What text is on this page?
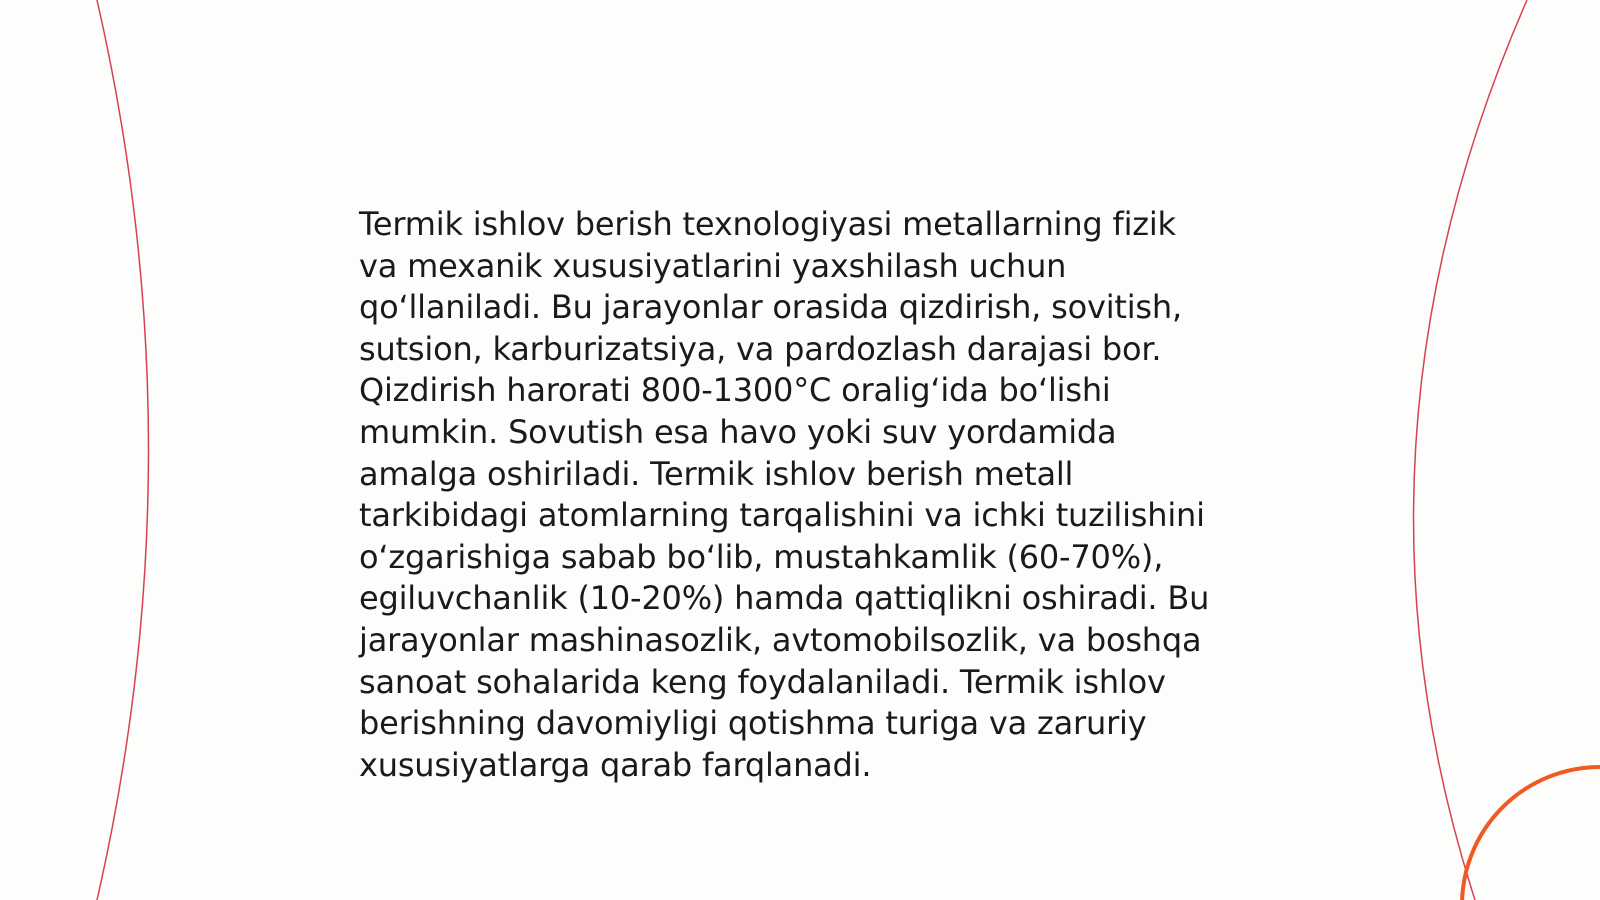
Termik ishlov berish texnologiyasi metallarning fizik
va mexanik xususiyatlarini yaxshilash uchun
qo‘llaniladi. Bu jarayonlar orasida qizdirish, sovitish,
sutsion, karburizatsiya, va pardozlash darajasi bor.
Qizdirish harorati 800-1300°C oralig‘ida bo‘lishi
mumkin. Sovutish esa havo yoki suv yordamida
amalga oshiriladi. Termik ishlov berish metall
tarkibidagi atomlarning tarqalishini va ichki tuzilishini
o‘zgarishiga sabab bo‘lib, mustahkamlik (60-70%),
egiluvchanlik (10-20%) hamda qattiqlikni oshiradi. Bu
jarayonlar mashinasozlik, avtomobilsozlik, va boshqa
sanoat sohalarida keng foydalaniladi. Termik ishlov
berishning davomiyligi qotishma turiga va zaruriy
xususiyatlarga qarab farqlanadi.
